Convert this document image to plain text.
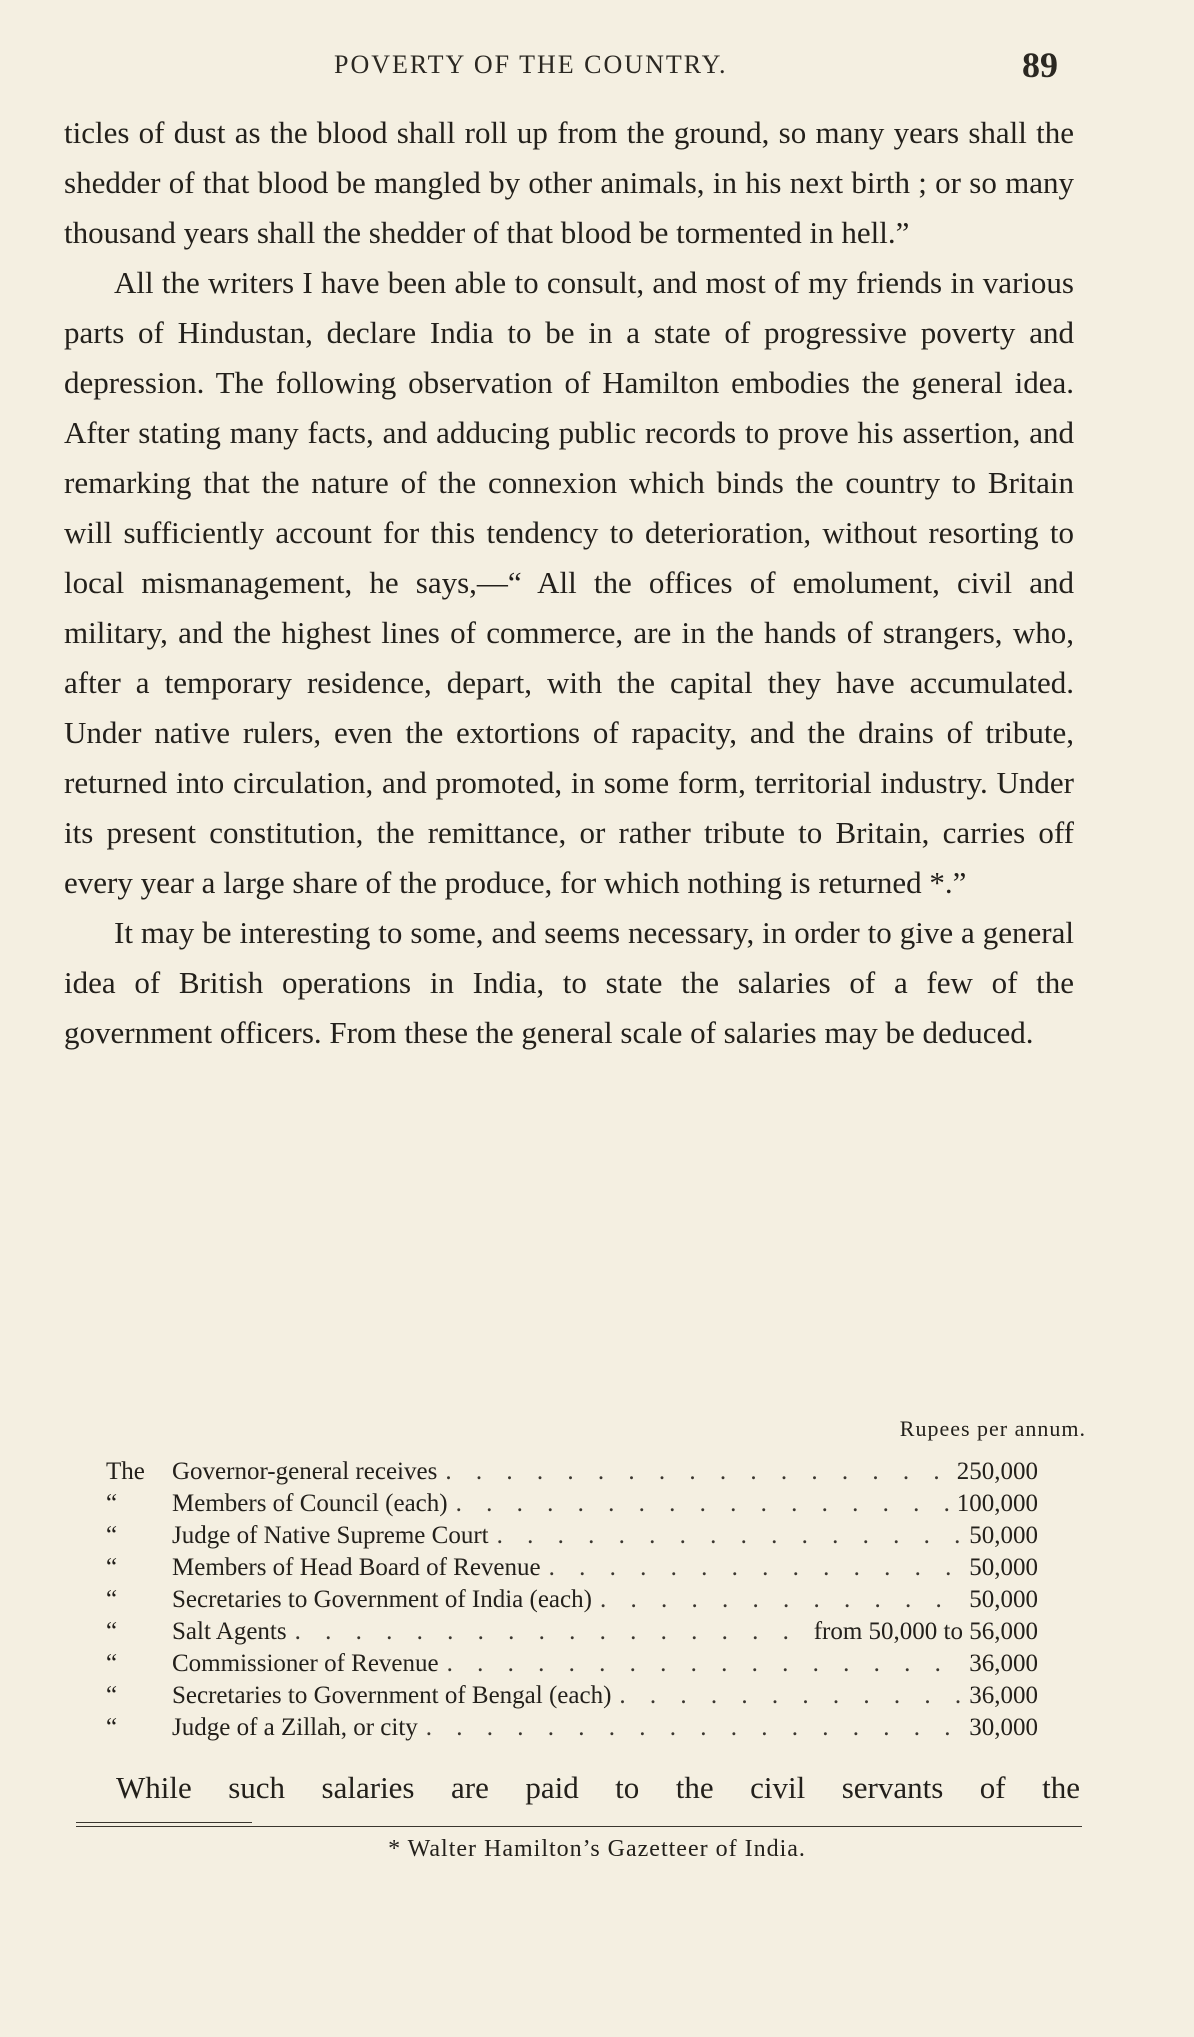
POVERTY OF THE COUNTRY.	89

ticles of dust as the blood shall roll up from the ground, so many years shall the shedder of that blood be mangled by other animals, in his next birth ; or so many thousand years shall the shedder of that blood be tormented in hell.”

All the writers I have been able to consult, and most of my friends in various parts of Hindustan, declare India to be in a state of progressive poverty and depression. The following observation of Hamilton embodies the general idea. After stating many facts, and adducing public records to prove his assertion, and remarking that the nature of the connexion which binds the country to Britain will sufficiently account for this tendency to deterioration, without resorting to local mismanagement, he says,—“ All the offices of emolument, civil and military, and the highest lines of commerce, are in the hands of strangers, who, after a temporary residence, depart, with the capital they have accumulated. Under native rulers, even the extortions of rapacity, and the drains of tribute, returned into circulation, and promoted, in some form, territorial industry. Under its present constitution, the remittance, or rather tribute to Britain, carries off every year a large share of the produce, for which nothing is returned *.”

It may be interesting to some, and seems necessary, in order to give a general idea of British operations in India, to state the salaries of a few of the government officers. From these the general scale of salaries may be deduced.

Rupees per annum.
The	Governor-general receives . . .	250,000
“	Members of Council (each) . . .	100,000
“	Judge of Native Supreme Court . . .	50,000
“	Members of Head Board of Revenue . . .	50,000
“	Secretaries to Government of India (each) . . .	50,000
“	Salt Agents . . .	from 50,000 to 56,000
“	Commissioner of Revenue . . .	36,000
“	Secretaries to Government of Bengal (each) . . .	36,000
“	Judge of a Zillah, or city . . .	30,000
While such salaries are paid to the civil servants of the
* Walter Hamilton’s Gazetteer of India.
